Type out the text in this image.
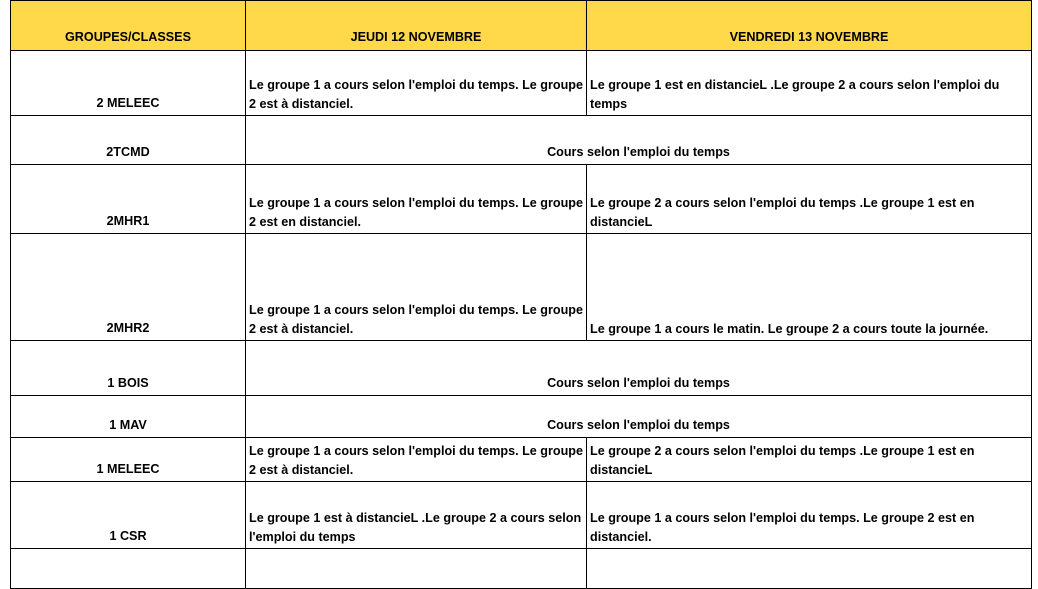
GROUPES/CLASSES	JEUDI 12 NOVEMBRE	VENDREDI 13 NOVEMBRE
2 MELEEC	Le groupe 1 a cours selon l'emploi du temps. Le groupe 2 est à distanciel.	Le groupe 1 est en distancieL .Le groupe 2 a cours selon l'emploi du temps
2TCMD	Cours selon l'emploi du temps	
2MHR1	Le groupe 1 a cours selon l'emploi du temps. Le groupe 2 est en distanciel.	Le groupe 2 a cours selon l'emploi du temps .Le groupe 1 est en distancieL
2MHR2	Le groupe 1 a cours selon l'emploi du temps. Le groupe 2 est à distanciel.	Le groupe 1 a cours le matin. Le groupe 2 a cours toute la journée.
1 BOIS	Cours selon l'emploi du temps	
1 MAV	Cours selon l'emploi du temps	
1 MELEEC	Le groupe 1 a cours selon l'emploi du temps. Le groupe 2 est à distanciel.	Le groupe 2 a cours selon l'emploi du temps .Le groupe 1 est en distancieL
1 CSR	Le groupe 1 est à distancieL .Le groupe 2 a cours selon l'emploi du temps	Le groupe 1 a cours selon l'emploi du temps. Le groupe 2 est en distanciel.
